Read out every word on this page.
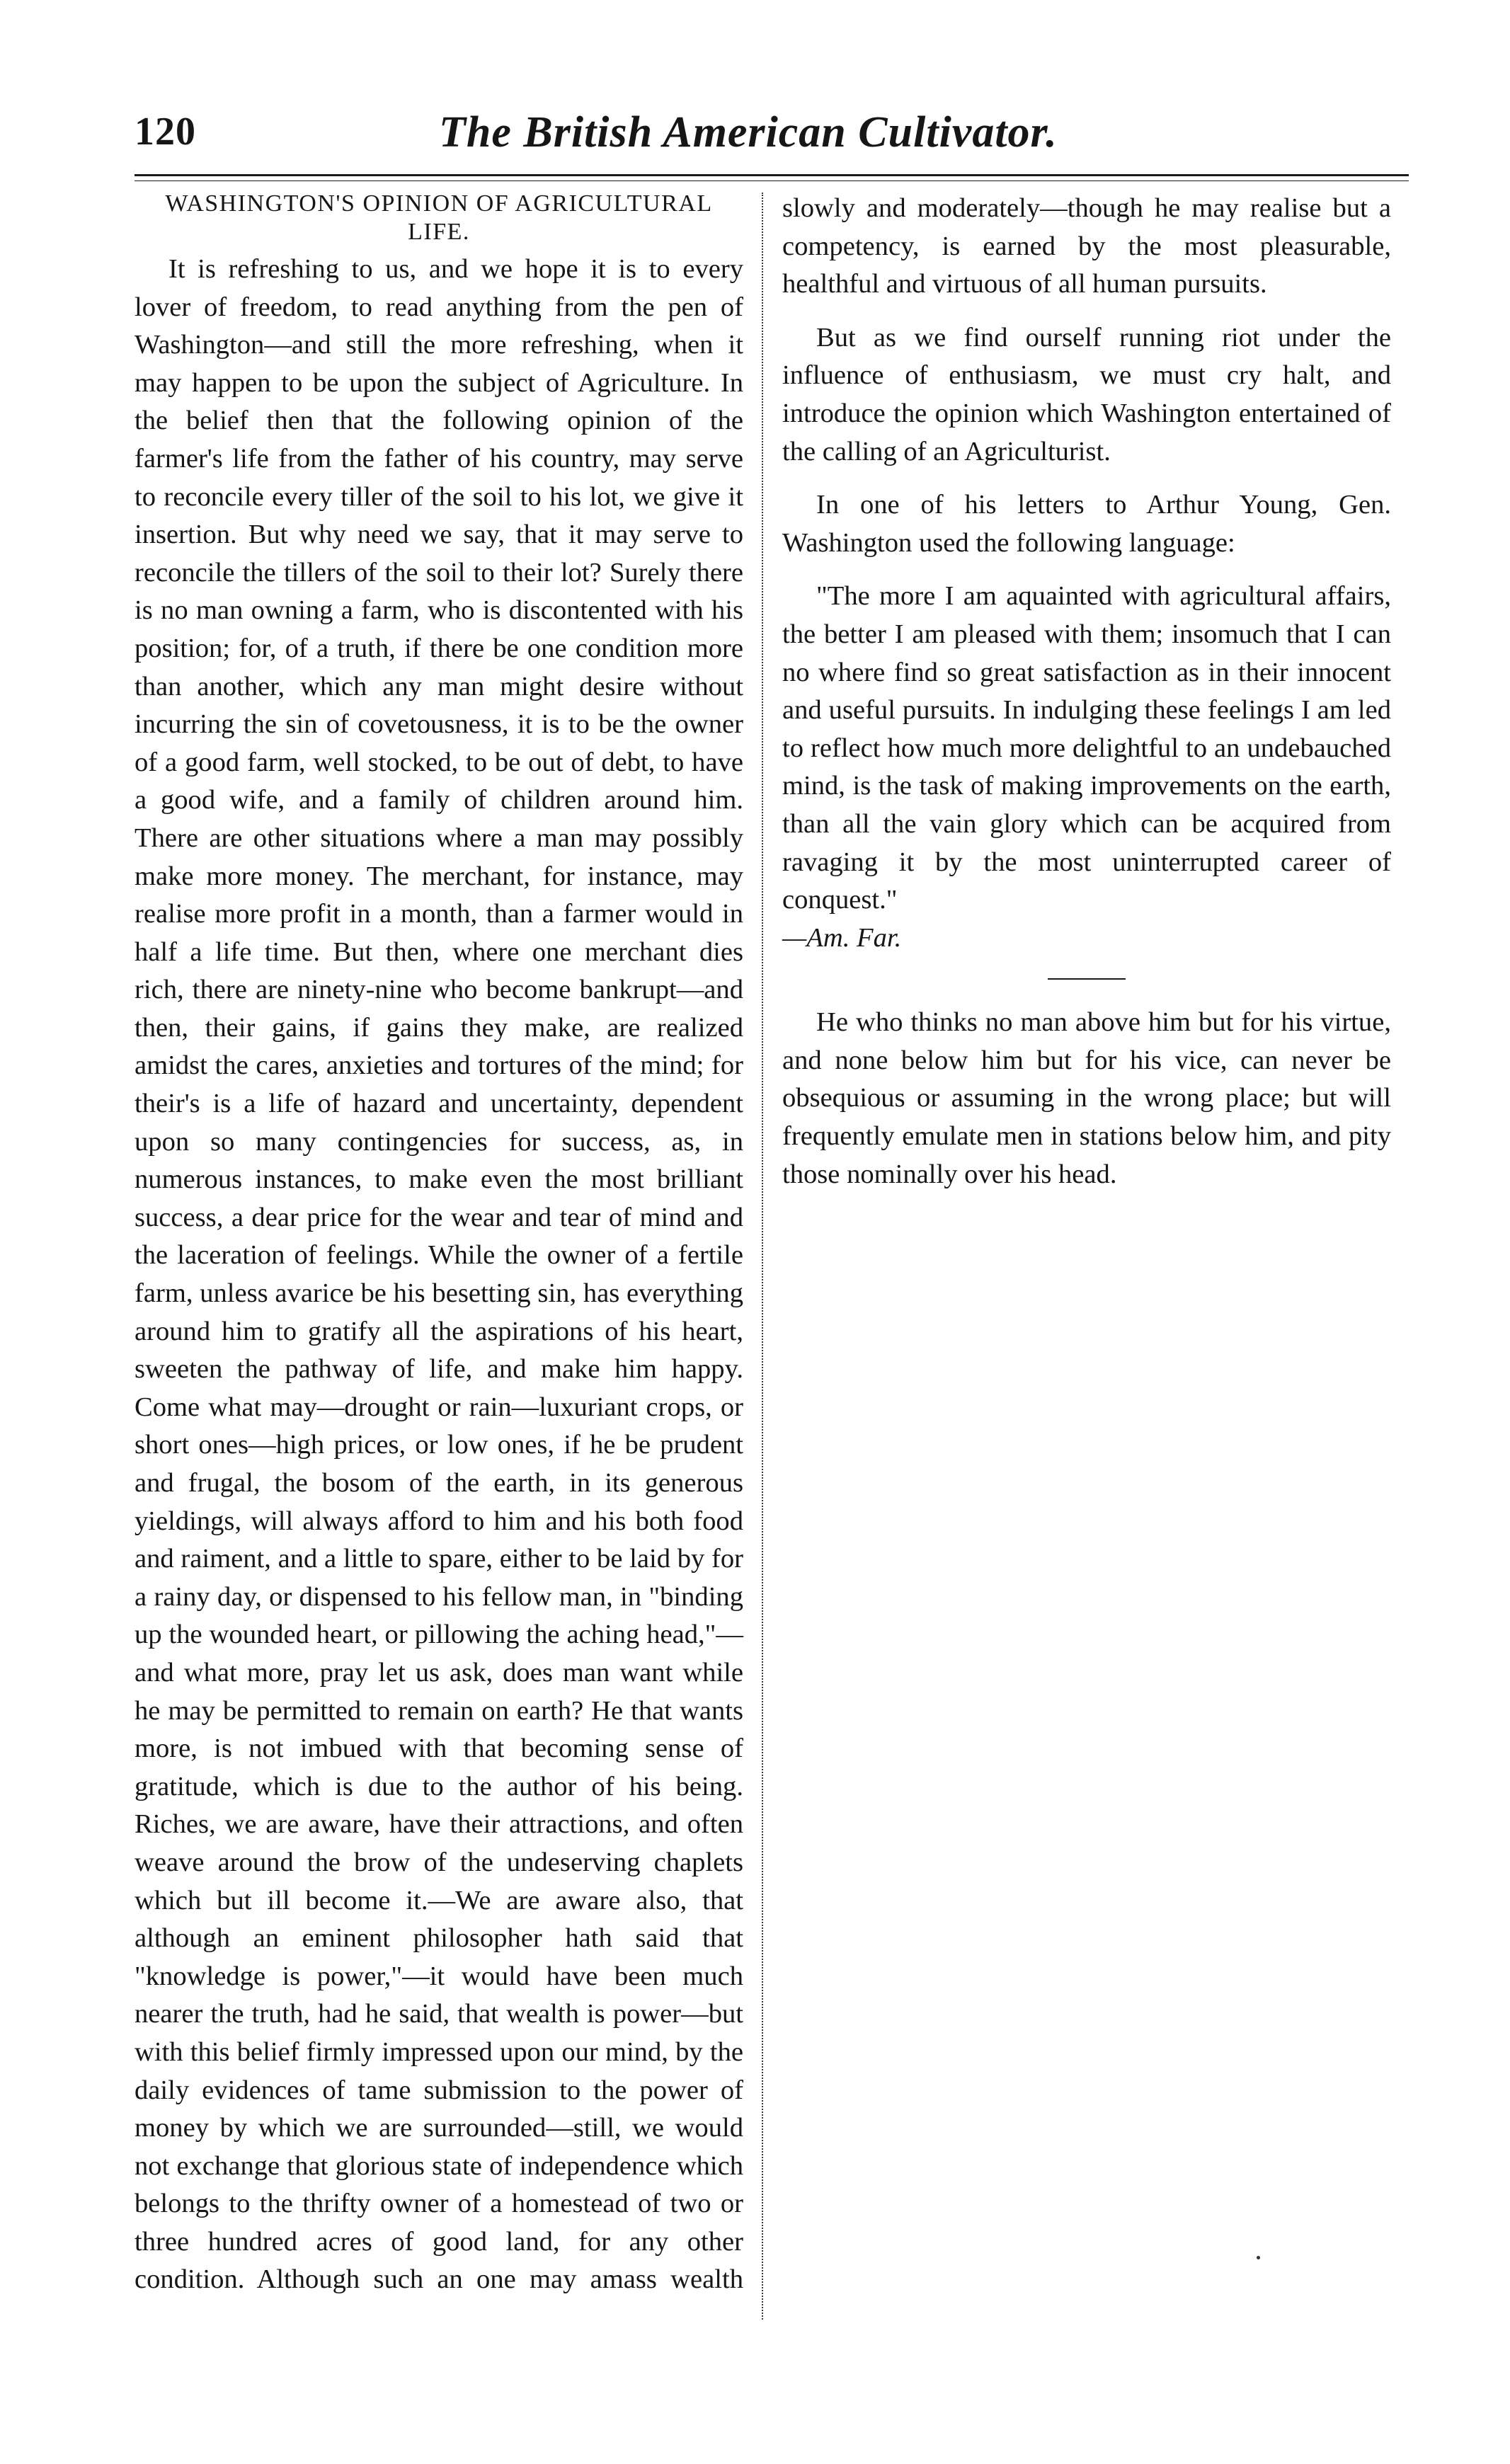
120	The British American Cultivator.
WASHINGTON'S OPINION OF AGRICULTURAL LIFE.

It is refreshing to us, and we hope it is to every lover of freedom, to read anything from the pen of Washington—and still the more refreshing, when it may happen to be upon the subject of Agriculture. In the belief then that the following opinion of the farmer's life from the father of his country, may serve to reconcile every tiller of the soil to his lot, we give it insertion. But why need we say, that it may serve to reconcile the tillers of the soil to their lot? Surely there is no man owning a farm, who is discontented with his position; for, of a truth, if there be one condition more than another, which any man might desire without incurring the sin of covetousness, it is to be the owner of a good farm, well stocked, to be out of debt, to have a good wife, and a family of children around him. There are other situations where a man may possibly make more money. The merchant, for instance, may realise more profit in a month, than a farmer would in half a life time. But then, where one merchant dies rich, there are ninety-nine who become bankrupt—and then, their gains, if gains they make, are realized amidst the cares, anxieties and tortures of the mind; for their's is a life of hazard and uncertainty, dependent upon so many contingencies for success, as, in numerous instances, to make even the most brilliant success, a dear price for the wear and tear of mind and the laceration of feelings. While the owner of a fertile farm, unless avarice be his besetting sin, has everything around him to gratify all the aspirations of his heart, sweeten the pathway of life, and make him happy. Come what may—drought or rain—luxuriant crops, or short ones—high prices, or low ones, if he be prudent and frugal, the bosom of the earth, in its generous yieldings, will always afford to him and his both food and raiment, and a little to spare, either to be laid by for a rainy day, or dispensed to his fellow man, in "binding up the wounded heart, or pillowing the aching head,"—and what more, pray let us ask, does man want while he may be permitted to remain on earth? He that wants more, is not imbued with that becoming sense of gratitude, which is due to the author of his being. Riches, we are aware, have their attractions, and often weave around the brow of the undeserving chaplets which but ill become it.—We are aware also, that although an eminent philosopher hath said that "knowledge is power,"—it would have been much nearer the truth, had he said, that wealth is power—but with this belief firmly impressed upon our mind, by the daily evidences of tame submission to the power of money by which we are surrounded—still, we would not exchange that glorious state of independence which belongs to the thrifty owner of a homestead of two or three hundred acres of good land, for any other condition. Although such an one may amass wealth

slowly and moderately—though he may realise but a competency, is earned by the most pleasurable, healthful and virtuous of all human pursuits.

But as we find ourself running riot under the influence of enthusiasm, we must cry halt, and introduce the opinion which Washington entertained of the calling of an Agriculturist.

In one of his letters to Arthur Young, Gen. Washington used the following language:

"The more I am aquainted with agricultural affairs, the better I am pleased with them; insomuch that I can no where find so great satisfaction as in their innocent and useful pursuits. In indulging these feelings I am led to reflect how much more delightful to an undebauched mind, is the task of making improvements on the earth, than all the vain glory which can be acquired from ravaging it by the most uninterrupted career of conquest."

—Am. Far.

He who thinks no man above him but for his virtue, and none below him but for his vice, can never be obsequious or assuming in the wrong place; but will frequently emulate men in stations below him, and pity those nominally over his head.
